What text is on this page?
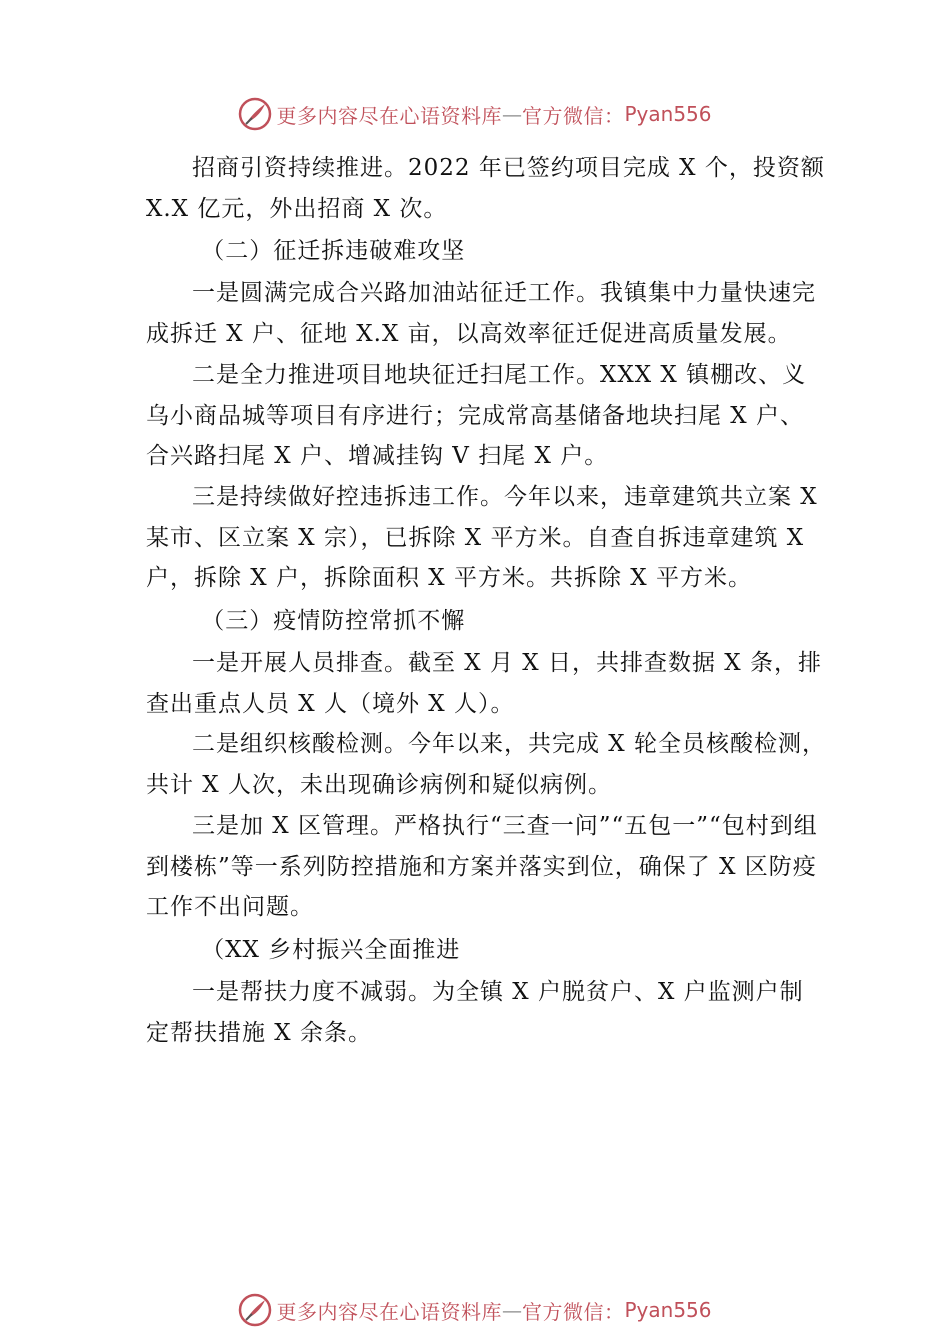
更多内容尽在心语资料库 — 官方微信： Pyan556

招商引资持续推进。2022 年已签约项目完成 X 个，投资额 X.X 亿元，外出招商 X 次。

（二）征迁拆违破难攻坚

一是圆满完成合兴路加油站征迁工作。我镇集中力量快速完成拆迁 X 户、征地 X.X 亩，以高效率征迁促进高质量发展。

二是全力推进项目地块征迁扫尾工作。XXX X 镇棚改、义乌小商品城等项目有序进行；完成常高基储备地块扫尾 X 户、合兴路扫尾 X 户、增减挂钩 V 扫尾 X 户。

三是持续做好控违拆违工作。今年以来，违章建筑共立案 X 某市、区立案 X 宗），已拆除 X 平方米。自查自拆违章建筑 X 户，拆除 X 户，拆除面积 X 平方米。共拆除 X 平方米。

（三）疫情防控常抓不懈

一是开展人员排查。截至 X 月 X 日，共排查数据 X 条，排查出重点人员 X 人（境外 X 人）。

二是组织核酸检测。今年以来，共完成 X 轮全员核酸检测，共计 X 人次，未出现确诊病例和疑似病例。

三是加 X 区管理。严格执行“三查一问”“五包一”“包村到组到楼栋”等一系列防控措施和方案并落实到位，确保了 X 区防疫工作不出问题。

（XX 乡村振兴全面推进

一是帮扶力度不减弱。为全镇 X 户脱贫户、X 户监测户制定帮扶措施 X 余条。

更多内容尽在心语资料库 — 官方微信： Pyan556
